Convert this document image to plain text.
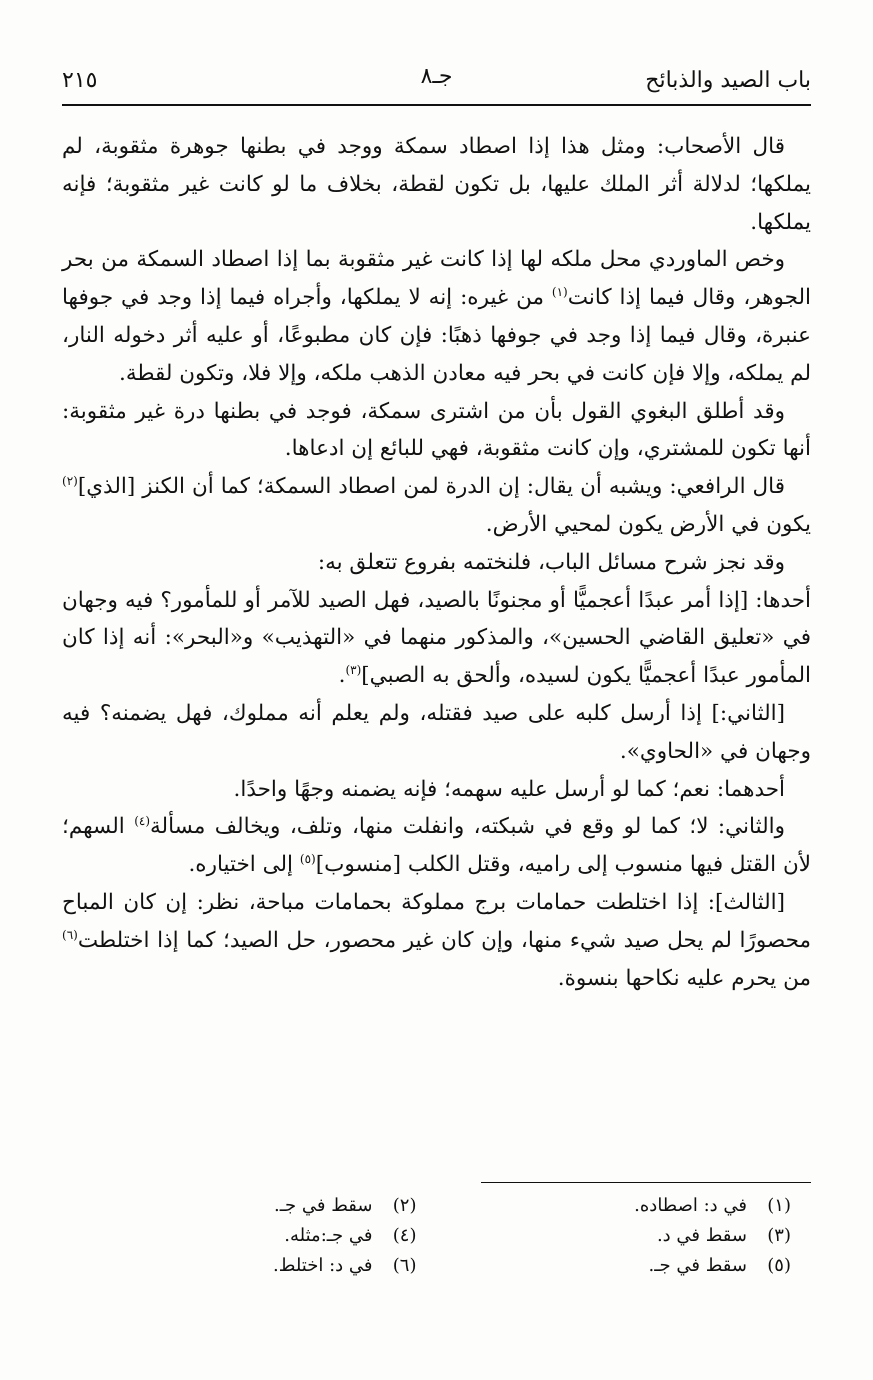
باب الصيد والذبائح
جـ٨
٢١٥

قال الأصحاب: ومثل هذا إذا اصطاد سمكة ووجد في بطنها جوهرة مثقوبة، لم يملكها؛ لدلالة أثر الملك عليها، بل تكون لقطة، بخلاف ما لو كانت غير مثقوبة؛ فإنه يملكها.

وخص الماوردي محل ملكه لها إذا كانت غير مثقوبة بما إذا اصطاد السمكة من بحر الجوهر، وقال فيما إذا كانت$^{(١)}$ من غيره: إنه لا يملكها، وأجراه فيما إذا وجد في جوفها عنبرة، وقال فيما إذا وجد في جوفها ذهبًا: فإن كان مطبوعًا، أو عليه أثر دخوله النار، لم يملكه، وإلا فإن كانت في بحر فيه معادن الذهب ملكه، وإلا فلا، وتكون لقطة.

وقد أطلق البغوي القول بأن من اشترى سمكة، فوجد في بطنها درة غير مثقوبة: أنها تكون للمشتري، وإن كانت مثقوبة، فهي للبائع إن ادعاها.

قال الرافعي: ويشبه أن يقال: إن الدرة لمن اصطاد السمكة؛ كما أن الكنز [الذي]$^{(٢)}$ يكون في الأرض يكون لمحيي الأرض.

وقد نجز شرح مسائل الباب، فلنختمه بفروع تتعلق به:

أحدها: [إذا أمر عبدًا أعجميًّا أو مجنونًا بالصيد، فهل الصيد للآمر أو للمأمور؟ فيه وجهان في «تعليق القاضي الحسين»، والمذكور منهما في «التهذيب» و«البحر»: أنه إذا كان المأمور عبدًا أعجميًّا يكون لسيده، وألحق به الصبي]$^{(٣)}$.

[الثاني:] إذا أرسل كلبه على صيد فقتله، ولم يعلم أنه مملوك، فهل يضمنه؟ فيه وجهان في «الحاوي».

أحدهما: نعم؛ كما لو أرسل عليه سهمه؛ فإنه يضمنه وجهًا واحدًا.

والثاني: لا؛ كما لو وقع في شبكته، وانفلت منها، وتلف، ويخالف مسألة$^{(٤)}$ السهم؛ لأن القتل فيها منسوب إلى راميه، وقتل الكلب [منسوب]$^{(٥)}$ إلى اختياره.

[الثالث]: إذا اختلطت حمامات برج مملوكة بحمامات مباحة، نظر: إن كان المباح محصورًا لم يحل صيد شيء منها، وإن كان غير محصور، حل الصيد؛ كما إذا اختلطت$^{(٦)}$ من يحرم عليه نكاحها بنسوة.

(١)
في د: اصطاده.
(٢)
سقط في جـ.
(٣)
سقط في د.
(٤)
في جـ:مثله.
(٥)
سقط في جـ.
(٦)
في د: اختلط.
